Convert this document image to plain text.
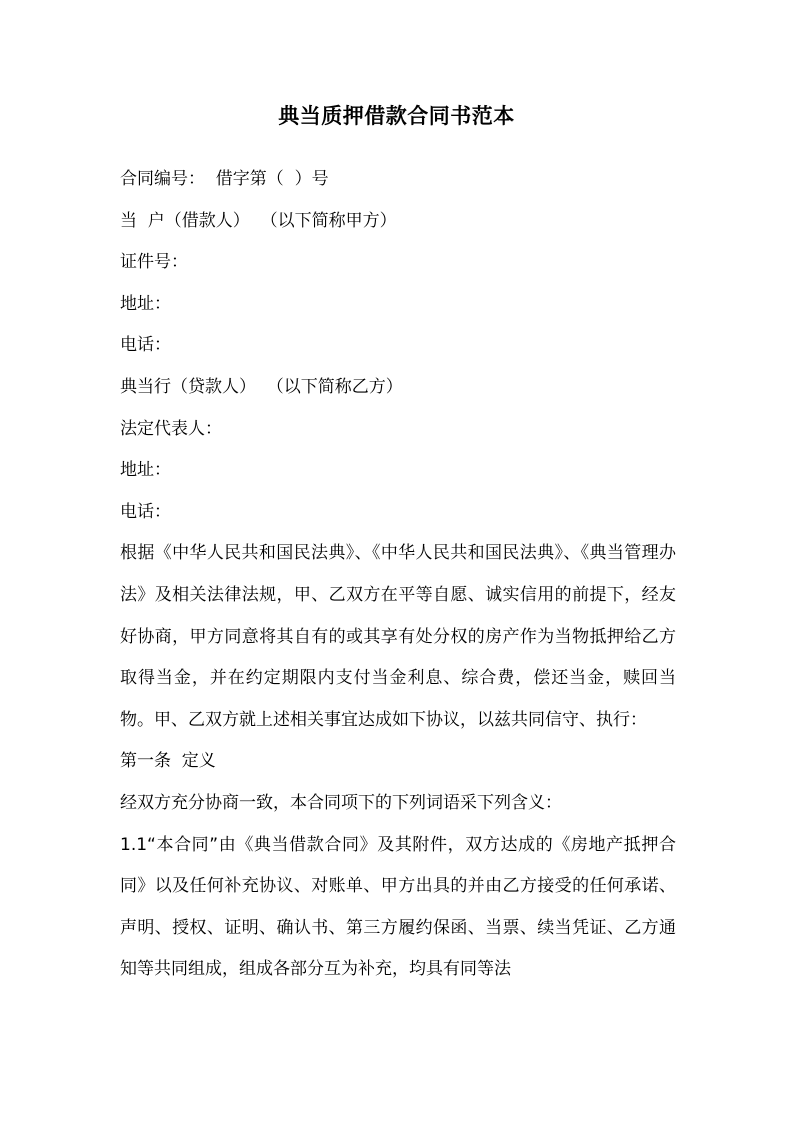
典当质押借款合同书范本
合同编号：  借字第（  ）号
当  户（借款人）  （以下简称甲方）
证件号：
地址：
电话：
典当行（贷款人）  （以下简称乙方）
法定代表人：
地址：
电话：
根据《中华人民共和国民法典》、《中华人民共和国民法典》、《典当管理办法》及相关法律法规，甲、乙双方在平等自愿、诚实信用的前提下，经友好协商，甲方同意将其自有的或其享有处分权的房产作为当物抵押给乙方取得当金，并在约定期限内支付当金利息、综合费，偿还当金，赎回当物。甲、乙双方就上述相关事宜达成如下协议，以兹共同信守、执行：
第一条  定义
经双方充分协商一致，本合同项下的下列词语采下列含义：
1.1“本合同”由《典当借款合同》及其附件，双方达成的《房地产抵押合同》以及任何补充协议、对账单、甲方出具的并由乙方接受的任何承诺、声明、授权、证明、确认书、第三方履约保函、当票、续当凭证、乙方通知等共同组成，组成各部分互为补充，均具有同等法
